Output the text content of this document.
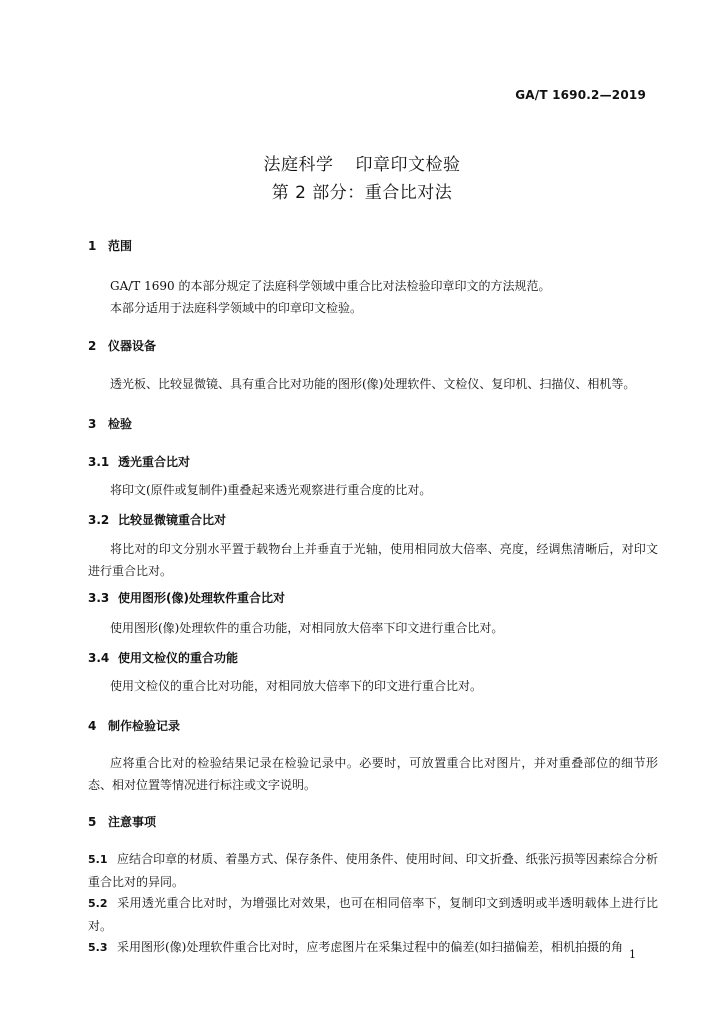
GA/T 1690.2—2019
法庭科学 印章印文检验
第 2 部分：重合比对法
1 范围
GA/T 1690 的本部分规定了法庭科学领域中重合比对法检验印章印文的方法规范。
本部分适用于法庭科学领域中的印章印文检验。
2 仪器设备
透光板、比较显微镜、具有重合比对功能的图形(像)处理软件、文检仪、复印机、扫描仪、相机等。
3 检验
3.1 透光重合比对
将印文(原件或复制件)重叠起来透光观察进行重合度的比对。
3.2 比较显微镜重合比对
将比对的印文分别水平置于载物台上并垂直于光轴，使用相同放大倍率、亮度，经调焦清晰后，对印文进行重合比对。
3.3 使用图形(像)处理软件重合比对
使用图形(像)处理软件的重合功能，对相同放大倍率下印文进行重合比对。
3.4 使用文检仪的重合功能
使用文检仪的重合比对功能，对相同放大倍率下的印文进行重合比对。
4 制作检验记录
应将重合比对的检验结果记录在检验记录中。必要时，可放置重合比对图片，并对重叠部位的细节形态、相对位置等情况进行标注或文字说明。
5 注意事项
5.1 应结合印章的材质、着墨方式、保存条件、使用条件、使用时间、印文折叠、纸张污损等因素综合分析重合比对的异同。
5.2 采用透光重合比对时，为增强比对效果，也可在相同倍率下，复制印文到透明或半透明载体上进行比对。
5.3 采用图形(像)处理软件重合比对时，应考虑图片在采集过程中的偏差(如扫描偏差，相机拍摄的角
1
